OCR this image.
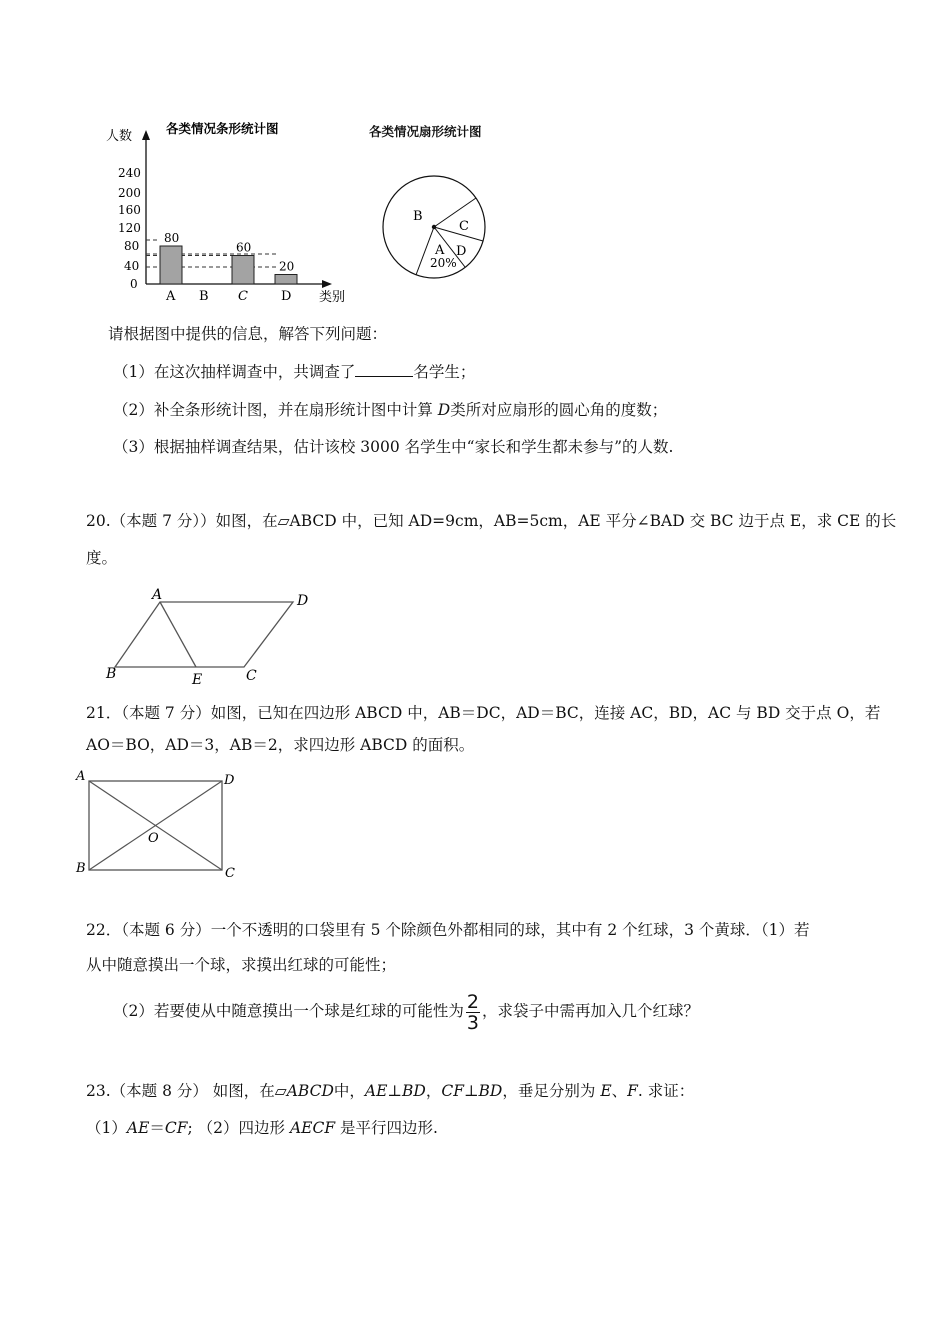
人数
各类情况条形统计图
类别
240
200
160
120
80
40
0
A
80
B C
60
D
20
各类情况扇形统计图
B
C
D
A
20%
请根据图中提供的信息，解答下列问题：
（1）在这次抽样调查中，共调查了	名学生；
（2）补全条形统计图，并在扇形统计图中计算 D类所对应扇形的圆心角的度数；
（3）根据抽样调查结果，估计该校 3000 名学生中“家长和学生都未参与”的人数.
20.（本题 7 分））如图，在▱ABCD 中，已知 AD=9cm，AB=5cm，AE 平分∠BAD 交 BC 边于点 E，求 CE 的长
度。
A	D
B	E	C
21．（本题 7 分）如图，已知在四边形 ABCD 中，AB＝DC，AD＝BC，连接 AC，BD，AC 与 BD 交于点 O，若
AO＝BO，AD＝3，AB＝2，求四边形 ABCD 的面积。
A	D
B	C
O
22．（本题 6 分）一个不透明的口袋里有 5 个除颜色外都相同的球，其中有 2 个红球，3 个黄球．（1）若
从中随意摸出一个球，求摸出红球的可能性；
（2）若要使从中随意摸出一个球是红球的可能性为 $\frac{2}{3}$ ，求袋子中需再加入几个红球？
23.（本题 8 分） 如图，在▱ABCD中，AE⊥BD，CF⊥BD，垂足分别为 E、F. 求证：
（1）AE＝CF; （2）四边形 AECF 是平行四边形.
